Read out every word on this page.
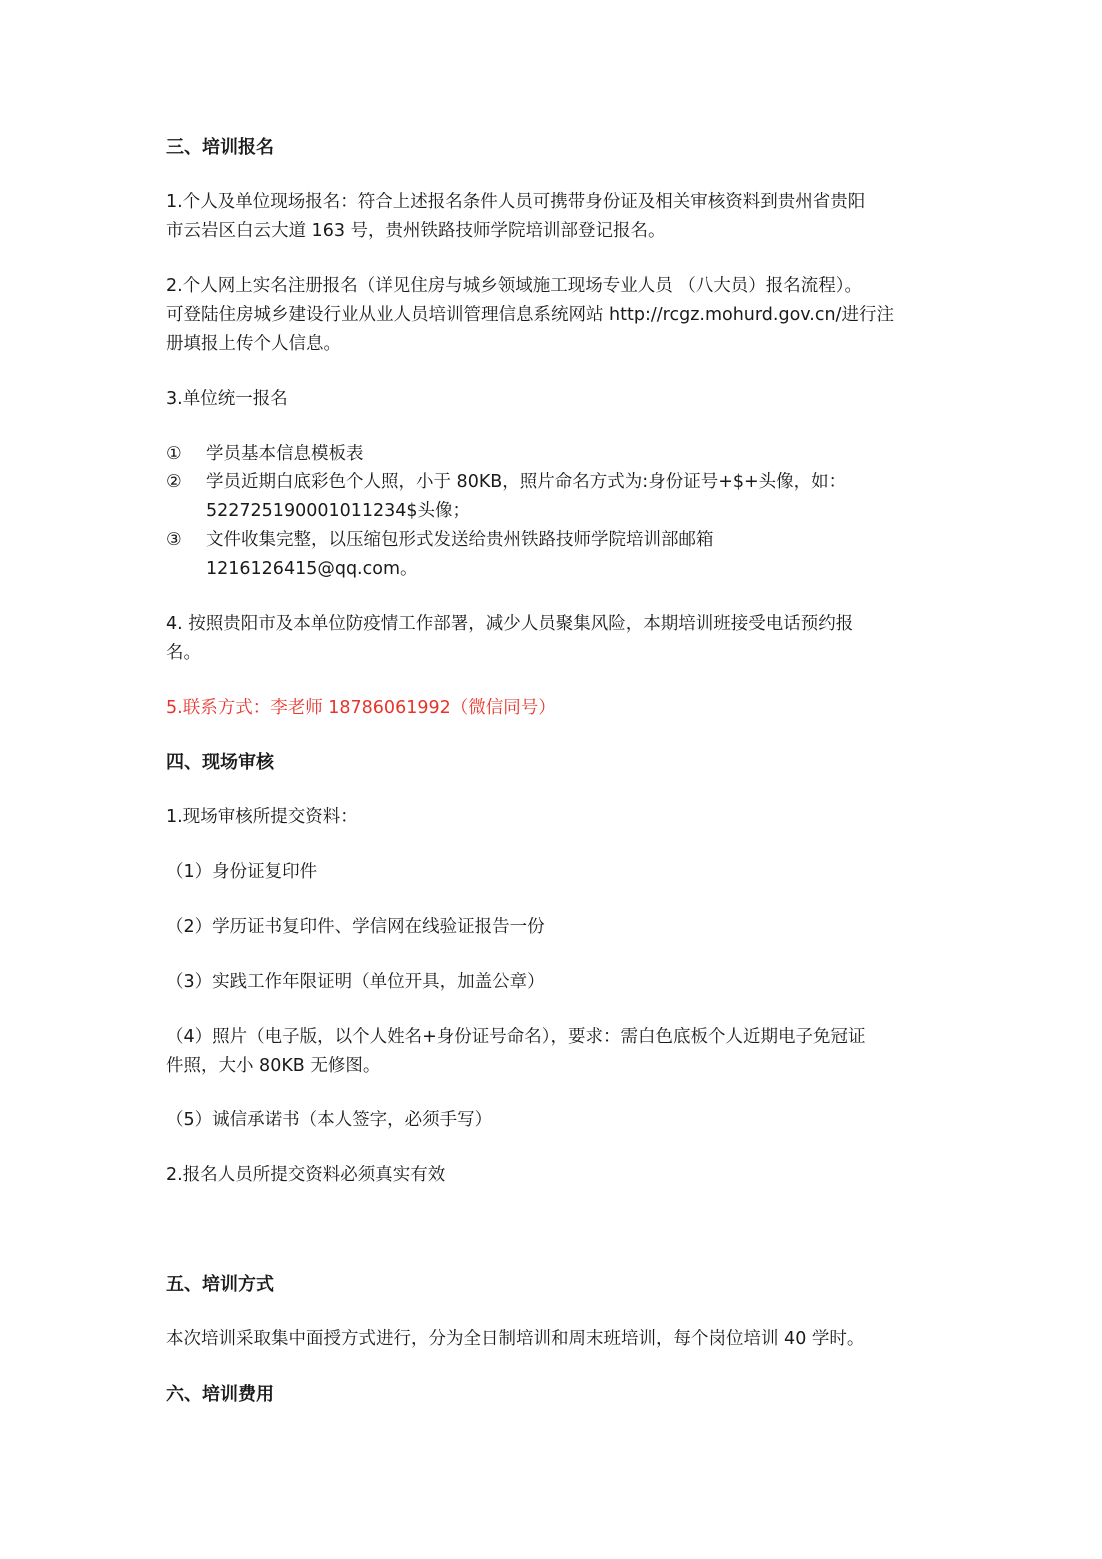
三、培训报名
1.个人及单位现场报名：符合上述报名条件人员可携带身份证及相关审核资料到贵州省贵阳
市云岩区白云大道 163 号，贵州铁路技师学院培训部登记报名。
2.个人网上实名注册报名（详见住房与城乡领域施工现场专业人员 （八大员）报名流程）。
可登陆住房城乡建设行业从业人员培训管理信息系统网站 http://rcgz.mohurd.gov.cn/进行注
册填报上传个人信息。
3.单位统一报名
①	学员基本信息模板表
②	学员近期白底彩色个人照，小于 80KB，照片命名方式为:身份证号+$+头像，如：
522725190001011234$头像；
③	文件收集完整，以压缩包形式发送给贵州铁路技师学院培训部邮箱
1216126415@qq.com。
4. 按照贵阳市及本单位防疫情工作部署，减少人员聚集风险，本期培训班接受电话预约报
名。
5.联系方式：李老师 18786061992（微信同号）
四、现场审核
1.现场审核所提交资料：
（1）身份证复印件
（2）学历证书复印件、学信网在线验证报告一份
（3）实践工作年限证明（单位开具，加盖公章）
（4）照片（电子版，以个人姓名+身份证号命名），要求：需白色底板个人近期电子免冠证
件照，大小 80KB 无修图。
（5）诚信承诺书（本人签字，必须手写）
2.报名人员所提交资料必须真实有效
五、培训方式
本次培训采取集中面授方式进行，分为全日制培训和周末班培训，每个岗位培训 40 学时。
六、培训费用
